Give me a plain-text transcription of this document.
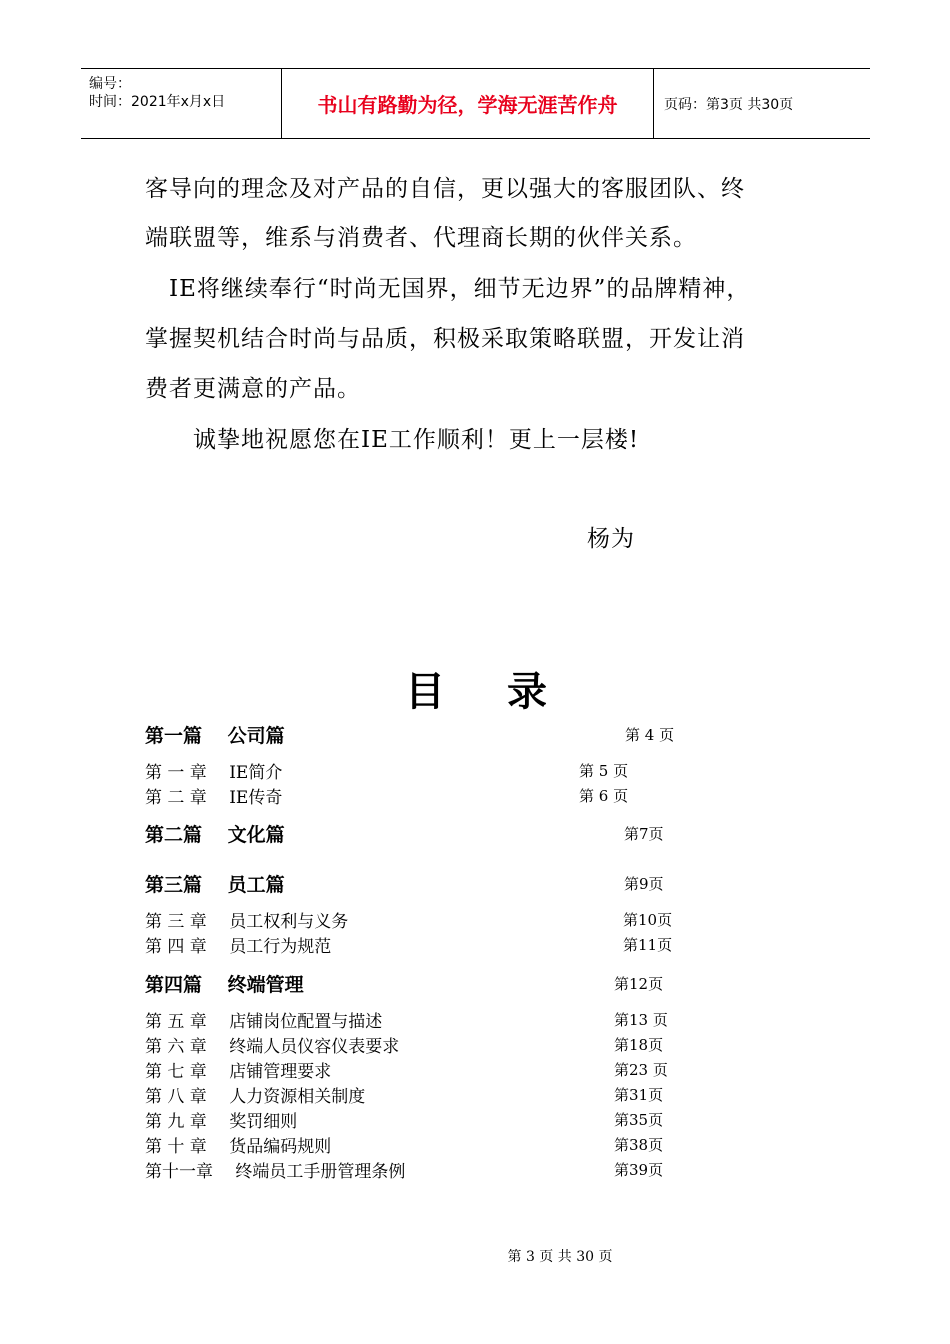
编号：
时间：2021年x月x日	书山有路勤为径，学海无涯苦作舟	页码：第3页 共30页
客导向的理念及对产品的自信，更以强大的客服团队、终
端联盟等，维系与消费者、代理商长期的伙伴关系。
　IE将继续奉行“时尚无国界，细节无边界”的品牌精神，
掌握契机结合时尚与品质，积极采取策略联盟，开发让消
费者更满意的产品。
　　诚挚地祝愿您在IE工作顺利！更上一层楼!
杨为
目 录
第一篇　 公司篇	第 4 页
第 一 章　 IE简介	第 5 页
第 二 章　 IE传奇	第 6 页
第二篇　 文化篇	第7页
第三篇　 员工篇	第9页
第 三 章　 员工权利与义务	第10页
第 四 章　 员工行为规范	第11页
第四篇　 终端管理	第12页
第 五 章　 店铺岗位配置与描述	第13 页
第 六 章　 终端人员仪容仪表要求	第18页
第 七 章　 店铺管理要求	第23 页
第 八 章　 人力资源相关制度	第31页
第 九 章　 奖罚细则	第35页
第 十 章　 货品编码规则	第38页
第十一章　 终端员工手册管理条例	第39页
第 3 页 共 30 页
